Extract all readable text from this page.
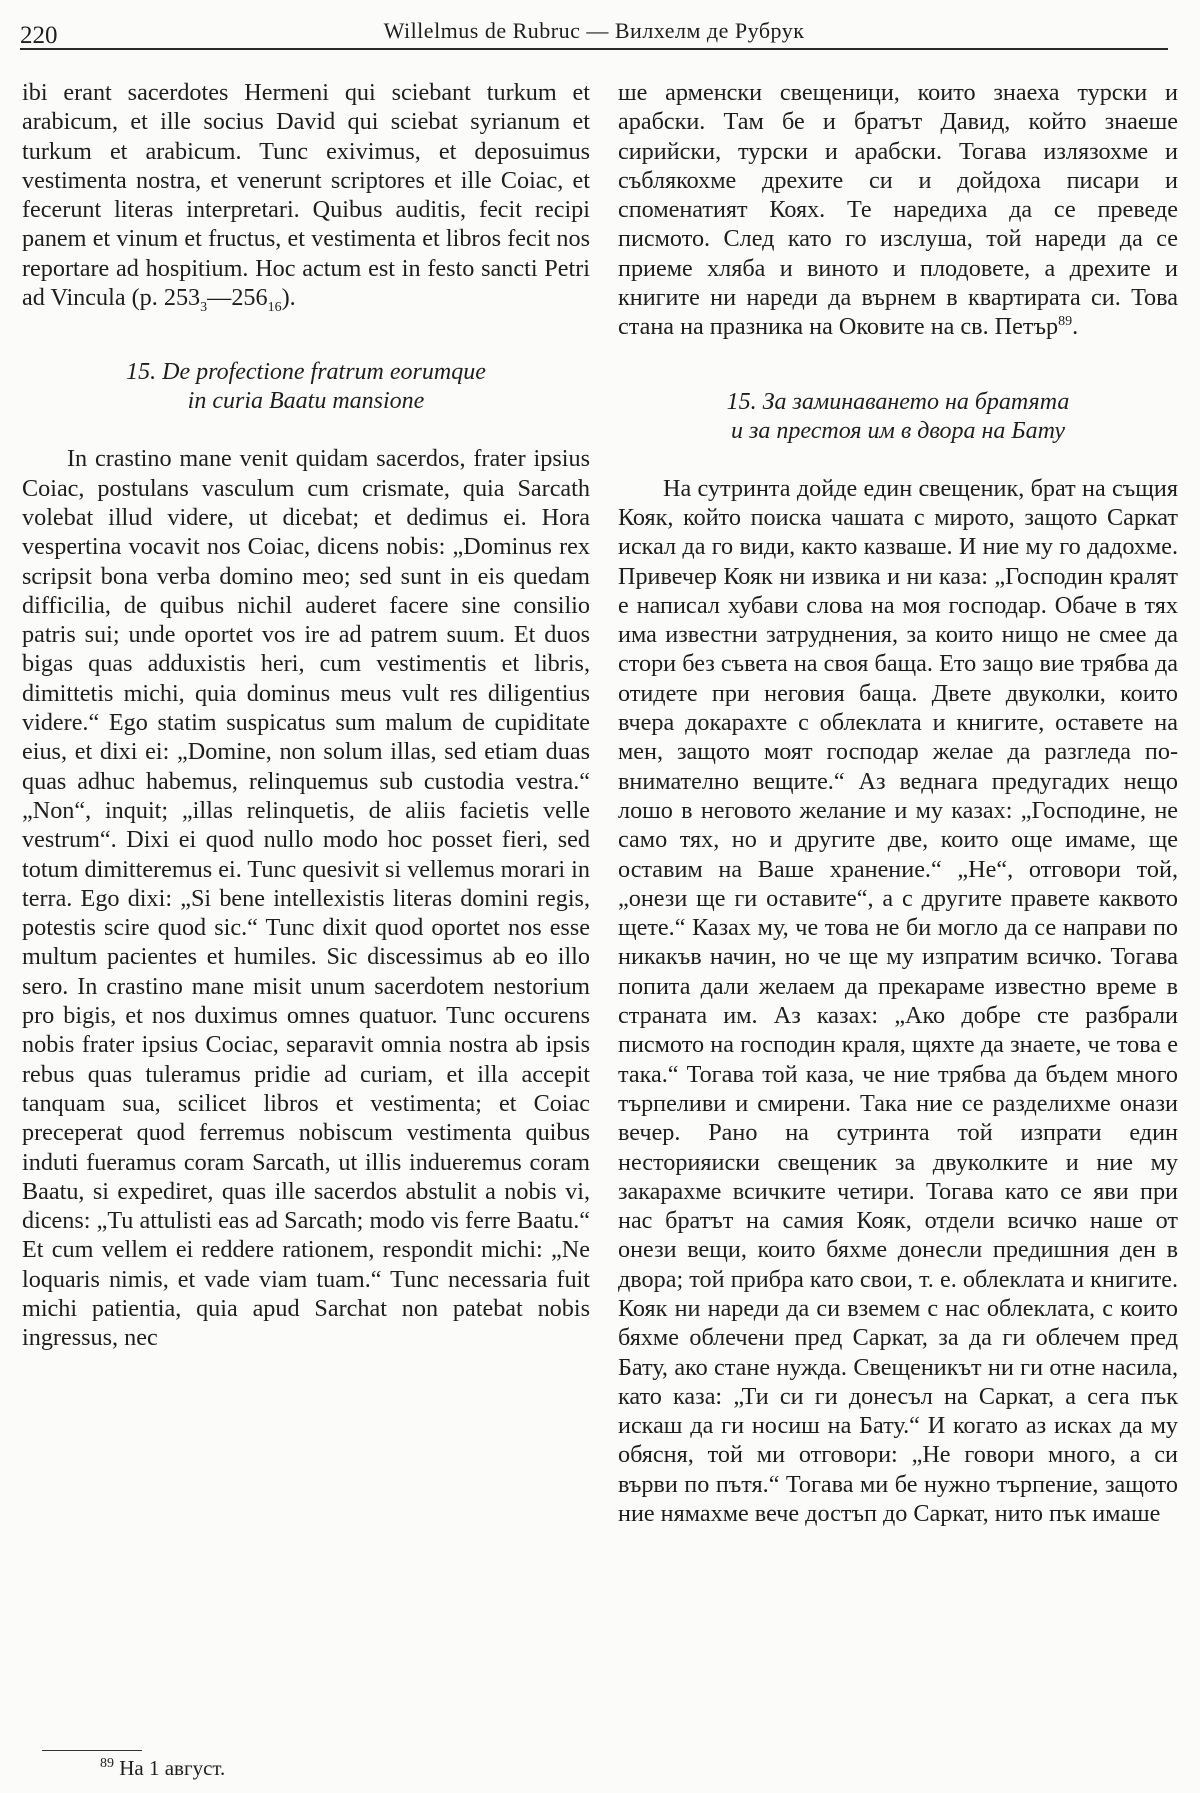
220	Willelmus de Rubruc — Вилхелм де Рубрук

ibi erant sacerdotes Hermeni qui sciebant turkum et arabicum, et ille socius David qui sciebat syrianum et turkum et arabicum. Tunc exivimus, et deposuimus vestimenta nostra, et venerunt scriptores et ille Coiac, et fecerunt literas interpretari. Quibus auditis, fecit recipi panem et vinum et fructus, et vestimenta et libros fecit nos reportare ad hospitium. Hoc actum est in festo sancti Petri ad Vincula (p. $253_3—256_{16}$).

15. De profectione fratrum eorumque
in curia Baatu mansione

In crastino mane venit quidam sacerdos, frater ipsius Coiac, postulans vasculum cum crismate, quia Sarcath volebat illud videre, ut dicebat; et dedimus ei. Hora vespertina vocavit nos Coiac, dicens nobis: „Dominus rex scripsit bona verba domino meo; sed sunt in eis quedam difficilia, de quibus nichil auderet facere sine consilio patris sui; unde oportet vos ire ad patrem suum. Et duos bigas quas adduxistis heri, cum vestimentis et libris, dimittetis michi, quia dominus meus vult res diligentius videre.“ Ego statim suspicatus sum malum de cupiditate eius, et dixi ei: „Domine, non solum illas, sed etiam duas quas adhuc habemus, relinquemus sub custodia vestra.“ „Non“, inquit; „illas relinquetis, de aliis facietis velle vestrum“. Dixi ei quod nullo modo hoc posset fieri, sed totum dimitteremus ei. Tunc quesivit si vellemus morari in terra. Ego dixi: „Si bene intellexistis literas domini regis, potestis scire quod sic.“ Tunc dixit quod oportet nos esse multum pacientes et humiles. Sic discessimus ab eo illo sero. In crastino mane misit unum sacerdotem nestorium pro bigis, et nos duximus omnes quatuor. Tunc occurens nobis frater ipsius Cociac, separavit omnia nostra ab ipsis rebus quas tuleramus pridie ad curiam, et illa accepit tanquam sua, scilicet libros et vestimenta; et Coiac preceperat quod ferremus nobiscum vestimenta quibus induti fueramus coram Sarcath, ut illis indueremus coram Baatu, si expediret, quas ille sacerdos abstulit a nobis vi, dicens: „Tu attulisti eas ad Sarcath; modo vis ferre Baatu.“ Et cum vellem ei reddere rationem, respondit michi: „Ne loquaris nimis, et vade viam tuam.“ Tunc necessaria fuit michi patientia, quia apud Sarchat non patebat nobis ingressus, nec

ше арменски свещеници, които знаеха турски и арабски. Там бе и братът Давид, който знаеше сирийски, турски и арабски. Тогава излязохме и съблякохме дрехите си и дойдоха писари и споменатият Коях. Те наредиха да се преведе писмото. След като го изслуша, той нареди да се приеме хляба и виното и плодовете, а дрехите и книгите ни нареди да върнем в квартирата си. Това стана на празника на Оковите на св. Петър$^{89}$.

15. За заминаването на братята
и за престоя им в двора на Бату

На сутринта дойде един свещеник, брат на същия Кояк, който поиска чашата с мирото, защото Саркат искал да го види, както казваше. И ние му го дадохме. Привечер Кояк ни извика и ни каза: „Господин кралят е написал хубави слова на моя господар. Обаче в тях има известни затруднения, за които нищо не смее да стори без съвета на своя баща. Ето защо вие трябва да отидете при неговия баща. Двете двуколки, които вчера докарахте с облеклата и книгите, оставете на мен, защото моят господар желае да разгледа по-внимателно вещите.“ Аз веднага предугадих нещо лошо в неговото желание и му казах: „Господине, не само тях, но и другите две, които още имаме, ще оставим на Ваше хранение.“ „Не“, отговори той, „онези ще ги оставите“, а с другите правете каквото щете.“ Казах му, че това не би могло да се направи по никакъв начин, но че ще му изпратим всичко. Тогава попита дали желаем да прекараме известно време в страната им. Аз казах: „Ако добре сте разбрали писмото на господин краля, щяхте да знаете, че това е така.“ Тогава той каза, че ние трябва да бъдем много търпеливи и смирени. Така ние се разделихме онази вечер. Рано на сутринта той изпрати един несторияиски свещеник за двуколките и ние му закарахме всичките четири. Тогава като се яви при нас братът на самия Кояк, отдели всичко наше от онези вещи, които бяхме донесли предишния ден в двора; той прибра като свои, т. е. облеклата и книгите. Кояк ни нареди да си вземем с нас облеклата, с които бяхме облечени пред Саркат, за да ги облечем пред Бату, ако стане нужда. Свещеникът ни ги отне насила, като каза: „Ти си ги донесъл на Саркат, а сега пък искаш да ги носиш на Бату.“ И когато аз исках да му обясня, той ми отговори: „Не говори много, а си върви по пътя.“ Тогава ми бе нужно търпение, защото ние нямахме вече достъп до Саркат, нито пък имаше

$^{89}$ На 1 август.
